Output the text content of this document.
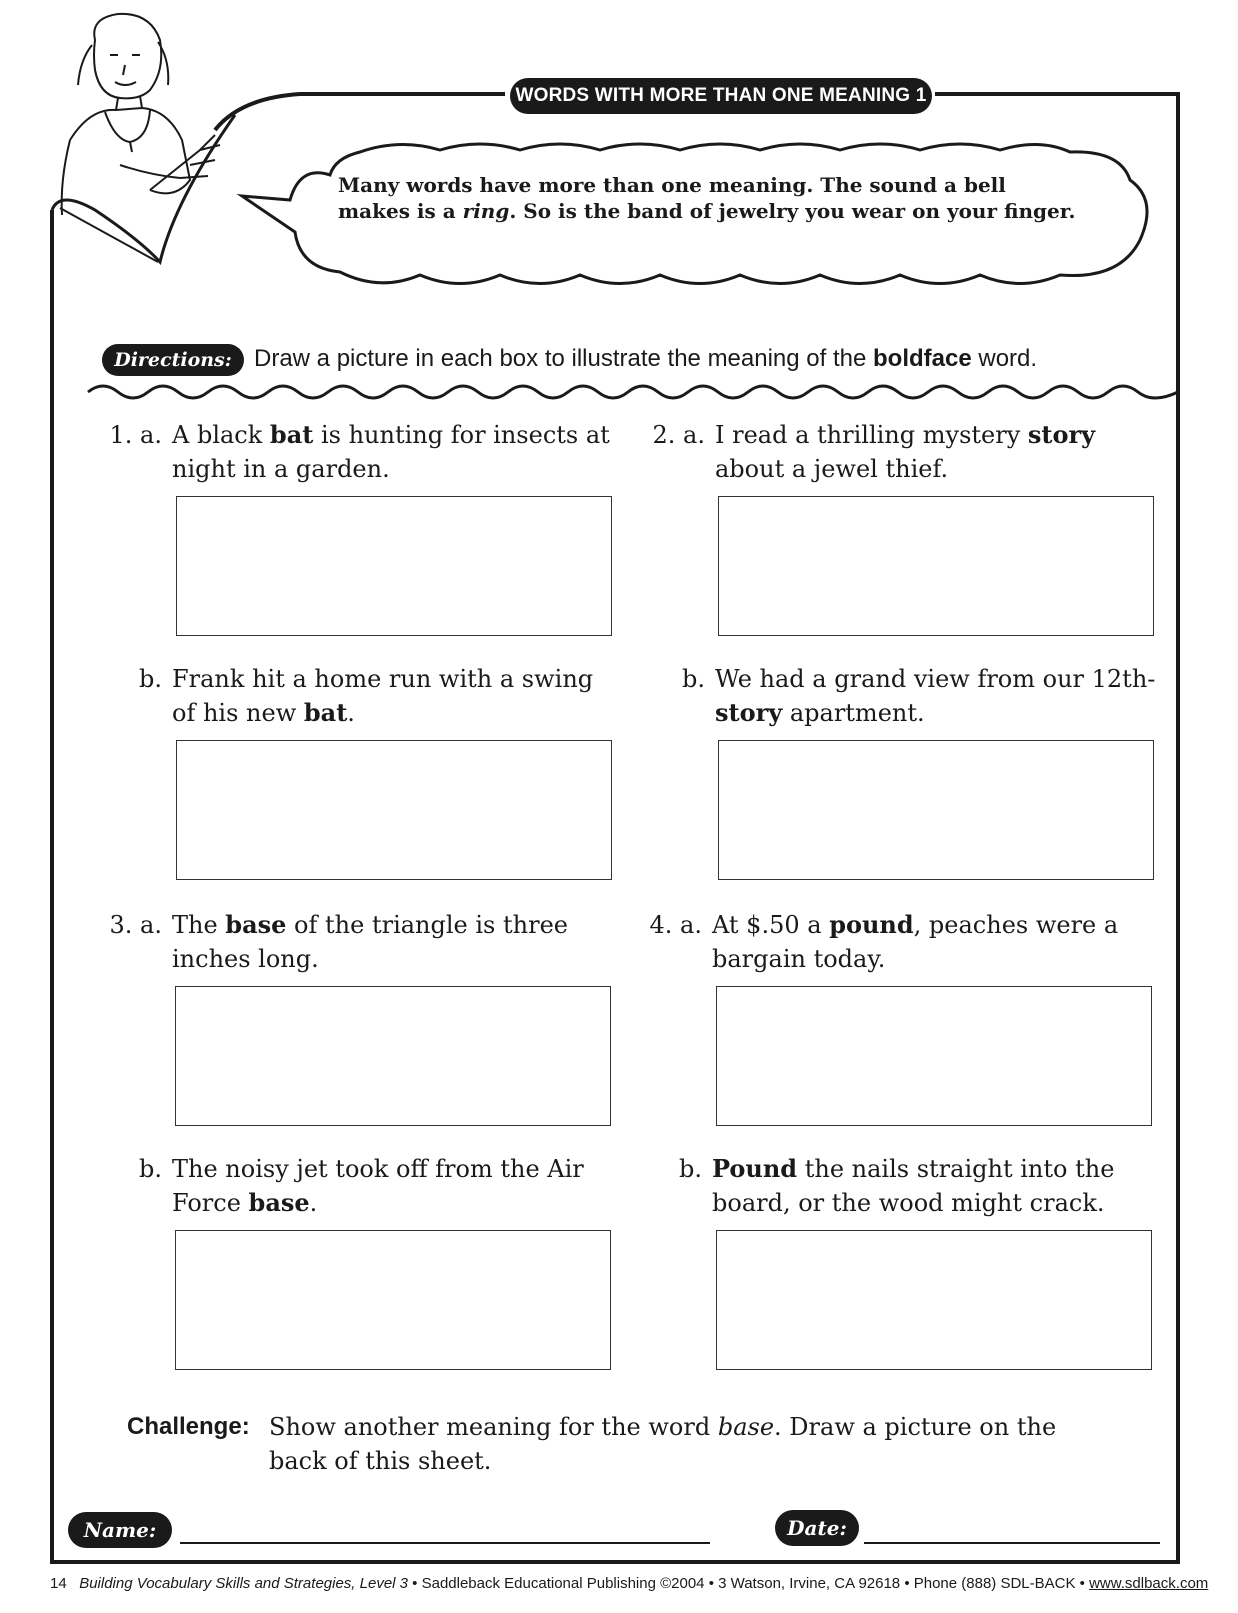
WORDS WITH MORE THAN ONE MEANING 1
Many words have more than one meaning. The sound a bell makes is a ring. So is the band of jewelry you wear on your finger.
Directions: Draw a picture in each box to illustrate the meaning of the boldface word.
1. a. A black bat is hunting for insects at night in a garden.
b. Frank hit a home run with a swing of his new bat.
2. a. I read a thrilling mystery story about a jewel thief.
b. We had a grand view from our 12th-story apartment.
3. a. The base of the triangle is three inches long.
b. The noisy jet took off from the Air Force base.
4. a. At $.50 a pound, peaches were a bargain today.
b. Pound the nails straight into the board, or the wood might crack.
Challenge: Show another meaning for the word base. Draw a picture on the back of this sheet.
Name:	Date:
14 Building Vocabulary Skills and Strategies, Level 3 • Saddleback Educational Publishing ©2004 • 3 Watson, Irvine, CA 92618 • Phone (888) SDL-BACK • www.sdlback.com
